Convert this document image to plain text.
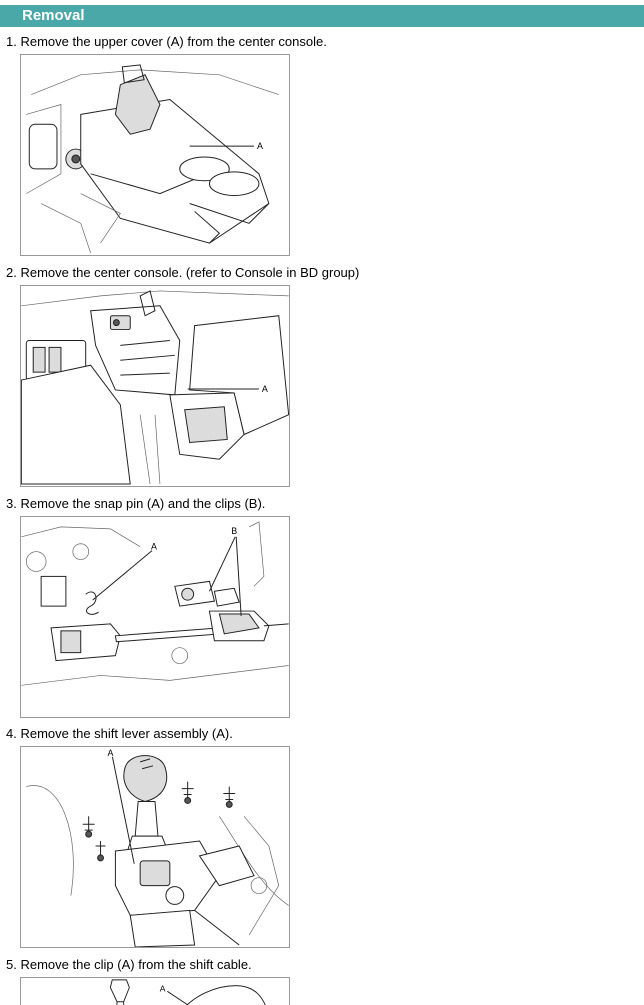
Removal
1. Remove the upper cover (A) from the center console.
A
2. Remove the center console. (refer to Console in BD group)
A
3. Remove the snap pin (A) and the clips (B).
A
B
4. Remove the shift lever assembly (A).
A
5. Remove the clip (A) from the shift cable.
A
